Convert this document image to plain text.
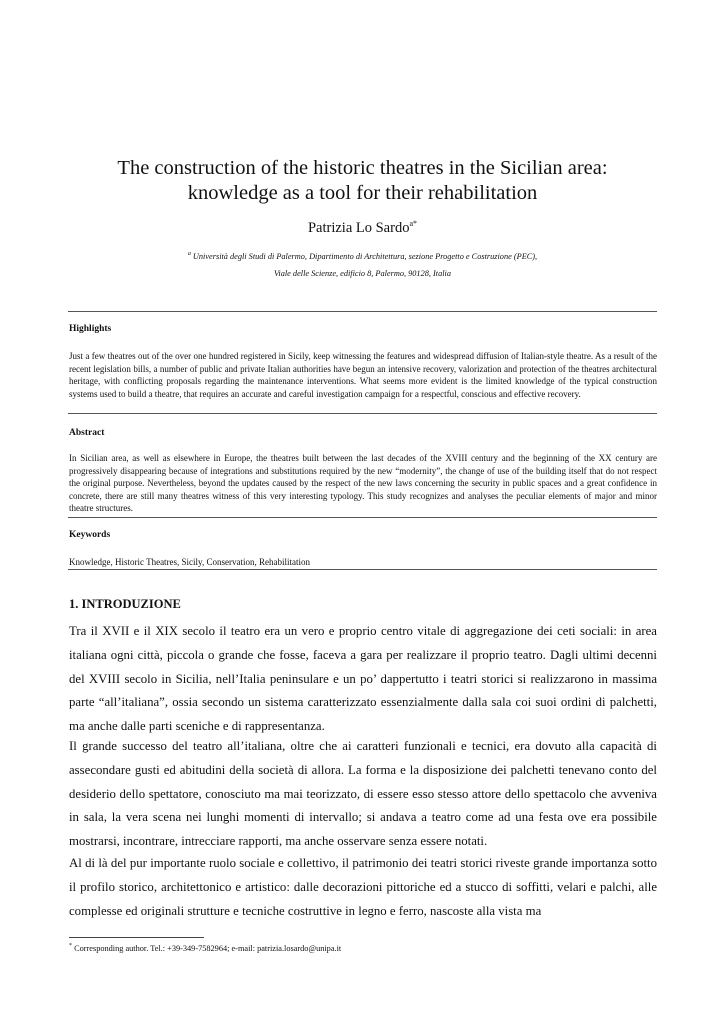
The construction of the historic theatres in the Sicilian area:
knowledge as a tool for their rehabilitation
Patrizia Lo Sardo$^{a*}$
$^a$ Università degli Studi di Palermo, Dipartimento di Architettura, sezione Progetto e Costruzione (PEC),
Viale delle Scienze, edificio 8, Palermo, 90128, Italia
Highlights
Just a few theatres out of the over one hundred registered in Sicily, keep witnessing the features and widespread diffusion of Italian-style theatre. As a result of the recent legislation bills, a number of public and private Italian authorities have begun an intensive recovery, valorization and protection of the theatres architectural heritage, with conflicting proposals regarding the maintenance interventions. What seems more evident is the limited knowledge of the typical construction systems used to build a theatre, that requires an accurate and careful investigation campaign for a respectful, conscious and effective recovery.
Abstract
In Sicilian area, as well as elsewhere in Europe, the theatres built between the last decades of the XVIII century and the beginning of the XX century are progressively disappearing because of integrations and substitutions required by the new “modernity”, the change of use of the building itself that do not respect the original purpose. Nevertheless, beyond the updates caused by the respect of the new laws concerning the security in public spaces and a great confidence in concrete, there are still many theatres witness of this very interesting typology. This study recognizes and analyses the peculiar elements of major and minor theatre structures.
Keywords
Knowledge, Historic Theatres, Sicily, Conservation, Rehabilitation
1. INTRODUZIONE
Tra il XVII e il XIX secolo il teatro era un vero e proprio centro vitale di aggregazione dei ceti sociali: in area italiana ogni città, piccola o grande che fosse, faceva a gara per realizzare il proprio teatro. Dagli ultimi decenni del XVIII secolo in Sicilia, nell’Italia peninsulare e un po’ dappertutto i teatri storici si realizzarono in massima parte “all’italiana”, ossia secondo un sistema caratterizzato essenzialmente dalla sala coi suoi ordini di palchetti, ma anche dalle parti sceniche e di rappresentanza.
Il grande successo del teatro all’italiana, oltre che ai caratteri funzionali e tecnici, era dovuto alla capacità di assecondare gusti ed abitudini della società di allora. La forma e la disposizione dei palchetti tenevano conto del desiderio dello spettatore, conosciuto ma mai teorizzato, di essere esso stesso attore dello spettacolo che avveniva in sala, la vera scena nei lunghi momenti di intervallo; si andava a teatro come ad una festa ove era possibile mostrarsi, incontrare, intrecciare rapporti, ma anche osservare senza essere notati.
Al di là del pur importante ruolo sociale e collettivo, il patrimonio dei teatri storici riveste grande importanza sotto il profilo storico, architettonico e artistico: dalle decorazioni pittoriche ed a stucco di soffitti, velari e palchi, alle complesse ed originali strutture e tecniche costruttive in legno e ferro, nascoste alla vista ma
* Corresponding author. Tel.: +39-349-7582964; e-mail: patrizia.losardo@unipa.it
